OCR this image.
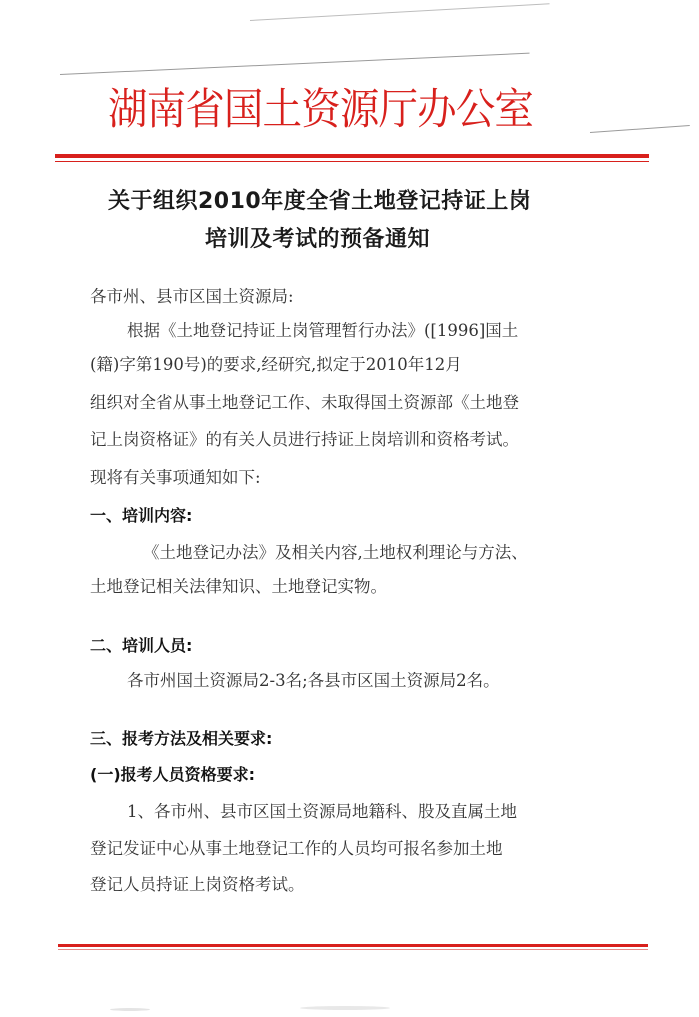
湖南省国土资源厅办公室
关于组织2010年度全省土地登记持证上岗
培训及考试的预备通知
各市州、县市区国土资源局:
根据《土地登记持证上岗管理暂行办法》([1996]国土
(籍)字第190号)的要求,经研究,拟定于2010年12月
组织对全省从事土地登记工作、未取得国土资源部《土地登
记上岗资格证》的有关人员进行持证上岗培训和资格考试。
现将有关事项通知如下:
一、培训内容:
《土地登记办法》及相关内容,土地权利理论与方法、
土地登记相关法律知识、土地登记实物。
二、培训人员:
各市州国土资源局2-3名;各县市区国土资源局2名。
三、报考方法及相关要求:
(一)报考人员资格要求:
1、各市州、县市区国土资源局地籍科、股及直属土地
登记发证中心从事土地登记工作的人员均可报名参加土地
登记人员持证上岗资格考试。
